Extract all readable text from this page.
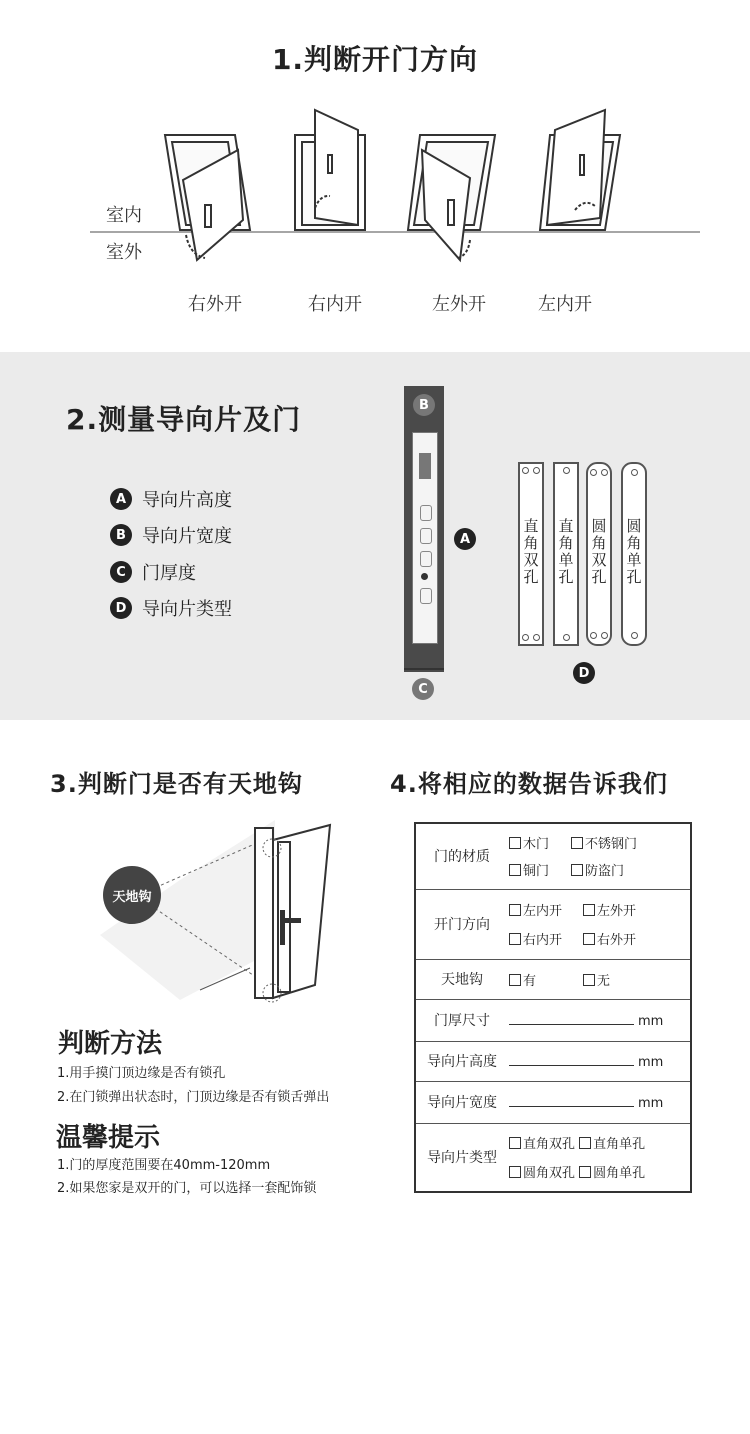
1.判断开门方向
室内
室外
右外开	右内开	左外开	左内开
2.测量导向片及门
A 导向片高度
B 导向片宽度
C 门厚度
D 导向片类型
B
A
C
D
直角双孔
直角单孔
圆角双孔
圆角单孔
3.判断门是否有天地钩
天地钩
判断方法
1.用手摸门顶边缘是否有锁孔
2.在门锁弹出状态时，门顶边缘是否有锁舌弹出
温馨提示
1.门的厚度范围要在40mm-120mm
2.如果您家是双开的门，可以选择一套配饰锁
4.将相应的数据告诉我们
门的材质	木门 不锈钢门
铜门 防盗门

开门方向	左内开 左外开
右内开 右外开

天地钩	有 无
门厚尺寸	mm
导向片高度	mm
导向片宽度	mm
导向片类型	直角双孔 直角单孔
圆角双孔 圆角单孔
